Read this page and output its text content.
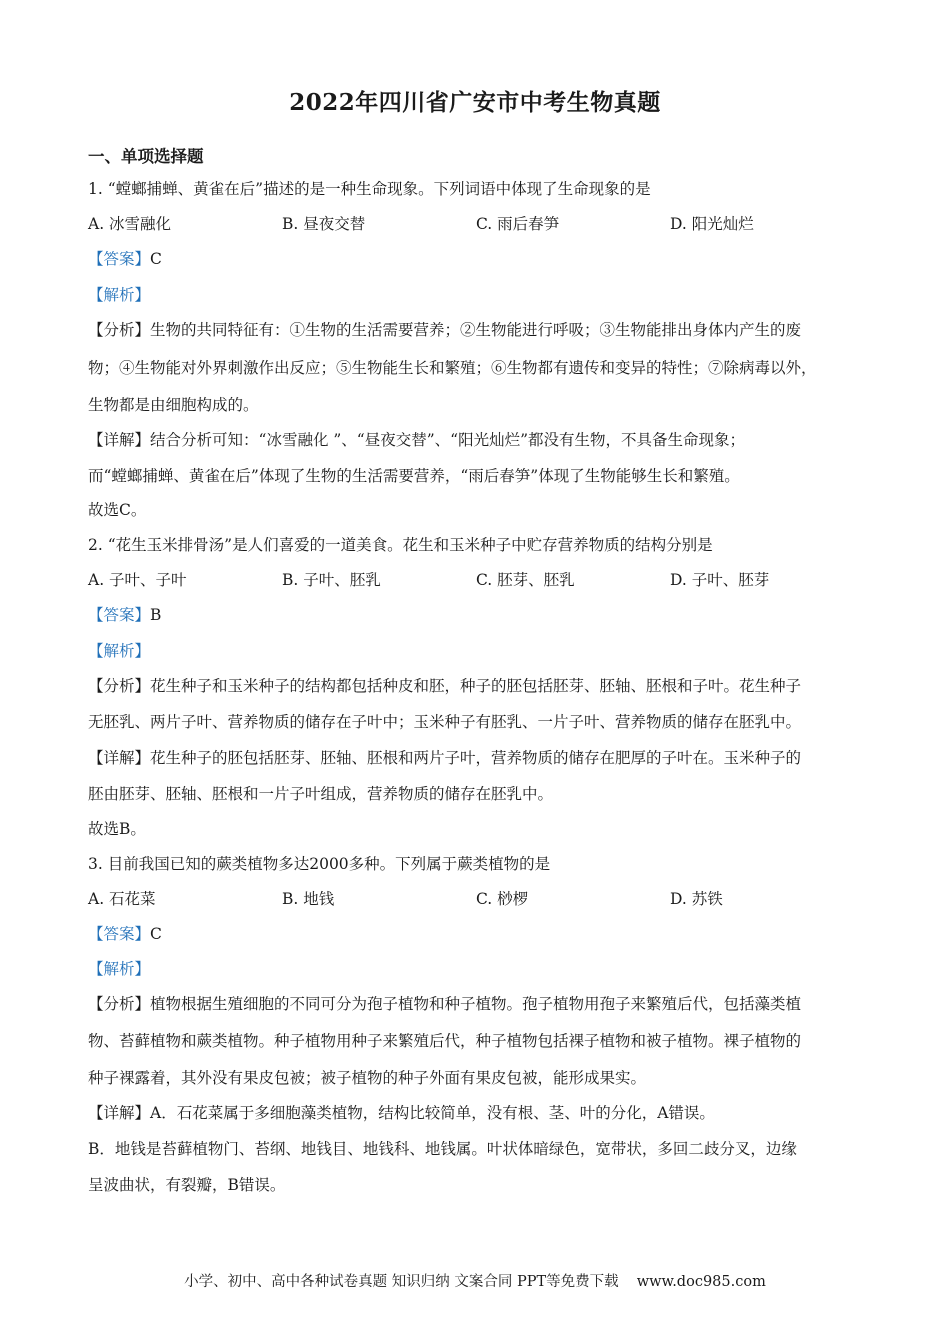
2022年四川省广安市中考生物真题
一、单项选择题
1. “螳螂捕蝉、黄雀在后”描述的是一种生命现象。下列词语中体现了生命现象的是
A. 冰雪融化	B. 昼夜交替	C. 雨后春笋	D. 阳光灿烂
【答案】C
【解析】
【分析】生物的共同特征有：①生物的生活需要营养；②生物能进行呼吸；③生物能排出身体内产生的废
物；④生物能对外界刺激作出反应；⑤生物能生长和繁殖；⑥生物都有遗传和变异的特性；⑦除病毒以外，
生物都是由细胞构成的。
【详解】结合分析可知：“冰雪融化 ”、“昼夜交替”、“阳光灿烂”都没有生物，不具备生命现象；
而“螳螂捕蝉、黄雀在后”体现了生物的生活需要营养，“雨后春笋”体现了生物能够生长和繁殖。
故选C。
2. “花生玉米排骨汤”是人们喜爱的一道美食。花生和玉米种子中贮存营养物质的结构分别是
A. 子叶、子叶	B. 子叶、胚乳	C. 胚芽、胚乳	D. 子叶、胚芽
【答案】B
【解析】
【分析】花生种子和玉米种子的结构都包括种皮和胚，种子的胚包括胚芽、胚轴、胚根和子叶。花生种子
无胚乳、两片子叶、营养物质的储存在子叶中；玉米种子有胚乳、一片子叶、营养物质的储存在胚乳中。
【详解】花生种子的胚包括胚芽、胚轴、胚根和两片子叶，营养物质的储存在肥厚的子叶在。玉米种子的
胚由胚芽、胚轴、胚根和一片子叶组成，营养物质的储存在胚乳中。
故选B。
3. 目前我国已知的蕨类植物多达2000多种。下列属于蕨类植物的是
A. 石花菜	B. 地钱	C. 桫椤	D. 苏铁
【答案】C
【解析】
【分析】植物根据生殖细胞的不同可分为孢子植物和种子植物。孢子植物用孢子来繁殖后代，包括藻类植
物、苔藓植物和蕨类植物。种子植物用种子来繁殖后代，种子植物包括裸子植物和被子植物。裸子植物的
种子裸露着，其外没有果皮包被；被子植物的种子外面有果皮包被，能形成果实。
【详解】A．石花菜属于多细胞藻类植物，结构比较简单，没有根、茎、叶的分化，A错误。
B．地钱是苔藓植物门、苔纲、地钱目、地钱科、地钱属。叶状体暗绿色，宽带状，多回二歧分叉，边缘
呈波曲状，有裂瓣，B错误。
小学、初中、高中各种试卷真题 知识归纳 文案合同 PPT等免费下载 www.doc985.com
